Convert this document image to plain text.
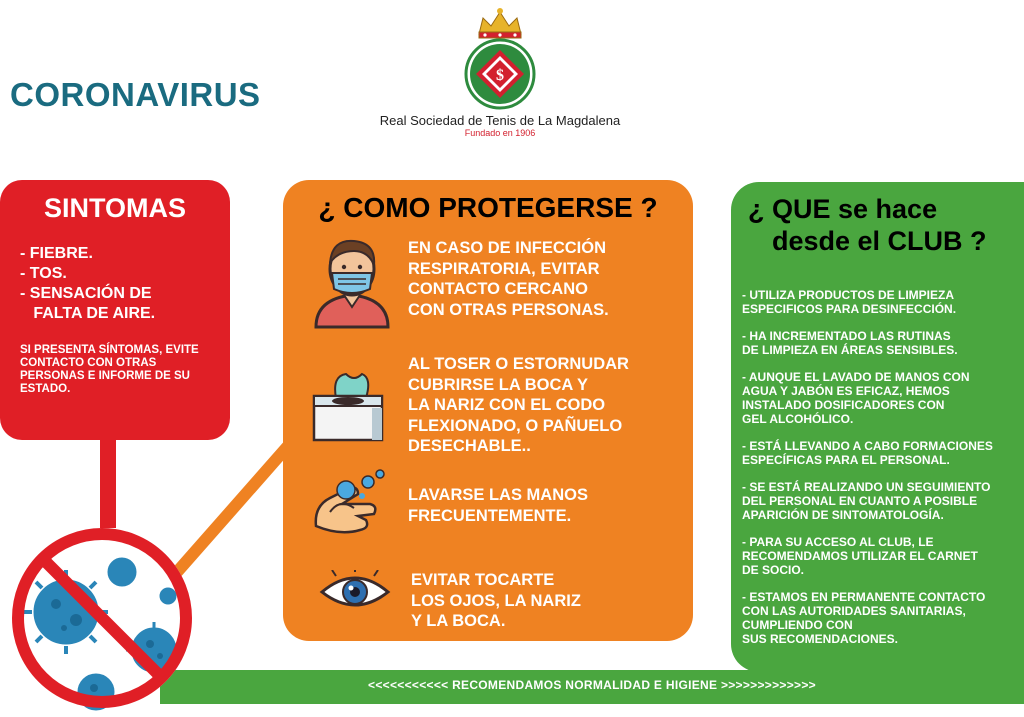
CORONAVIRUS
$
Real Sociedad de Tenis de La Magdalena
Fundado en 1906
<<<<<<<<<<< RECOMENDAMOS NORMALIDAD E HIGIENE >>>>>>>>>>>>>
SINTOMAS
- FIEBRE.
- TOS.
- SENSACIÓN DE
FALTA DE AIRE.
SI PRESENTA SÍNTOMAS, EVITE CONTACTO CON OTRAS PERSONAS E INFORME DE SU ESTADO.
¿ COMO PROTEGERSE ?
EN CASO DE INFECCIÓN
RESPIRATORIA, EVITAR
CONTACTO CERCANO
CON OTRAS PERSONAS.
AL TOSER O ESTORNUDAR
CUBRIRSE LA BOCA Y
LA NARIZ CON EL CODO
FLEXIONADO, O PAÑUELO
DESECHABLE..
LAVARSE LAS MANOS
FRECUENTEMENTE.
EVITAR TOCARTE
LOS OJOS, LA NARIZ
Y LA BOCA.
¿ QUE se hace
desde el CLUB ?
- UTILIZA PRODUCTOS DE LIMPIEZA
ESPECIFICOS PARA DESINFECCIÓN.
- HA INCREMENTADO LAS RUTINAS
DE LIMPIEZA EN ÁREAS SENSIBLES.
- AUNQUE EL LAVADO DE MANOS CON
AGUA Y JABÓN ES EFICAZ, HEMOS
INSTALADO DOSIFICADORES CON
GEL ALCOHÓLICO.
- ESTÁ LLEVANDO A CABO FORMACIONES
ESPECÍFICAS PARA EL PERSONAL.
- SE ESTÁ REALIZANDO UN SEGUIMIENTO
DEL PERSONAL EN CUANTO A POSIBLE
APARICIÓN DE SINTOMATOLOGÍA.
- PARA SU ACCESO AL CLUB, LE
RECOMENDAMOS UTILIZAR EL CARNET
DE SOCIO.
- ESTAMOS EN PERMANENTE CONTACTO
CON LAS AUTORIDADES SANITARIAS,
CUMPLIENDO CON
SUS RECOMENDACIONES.
